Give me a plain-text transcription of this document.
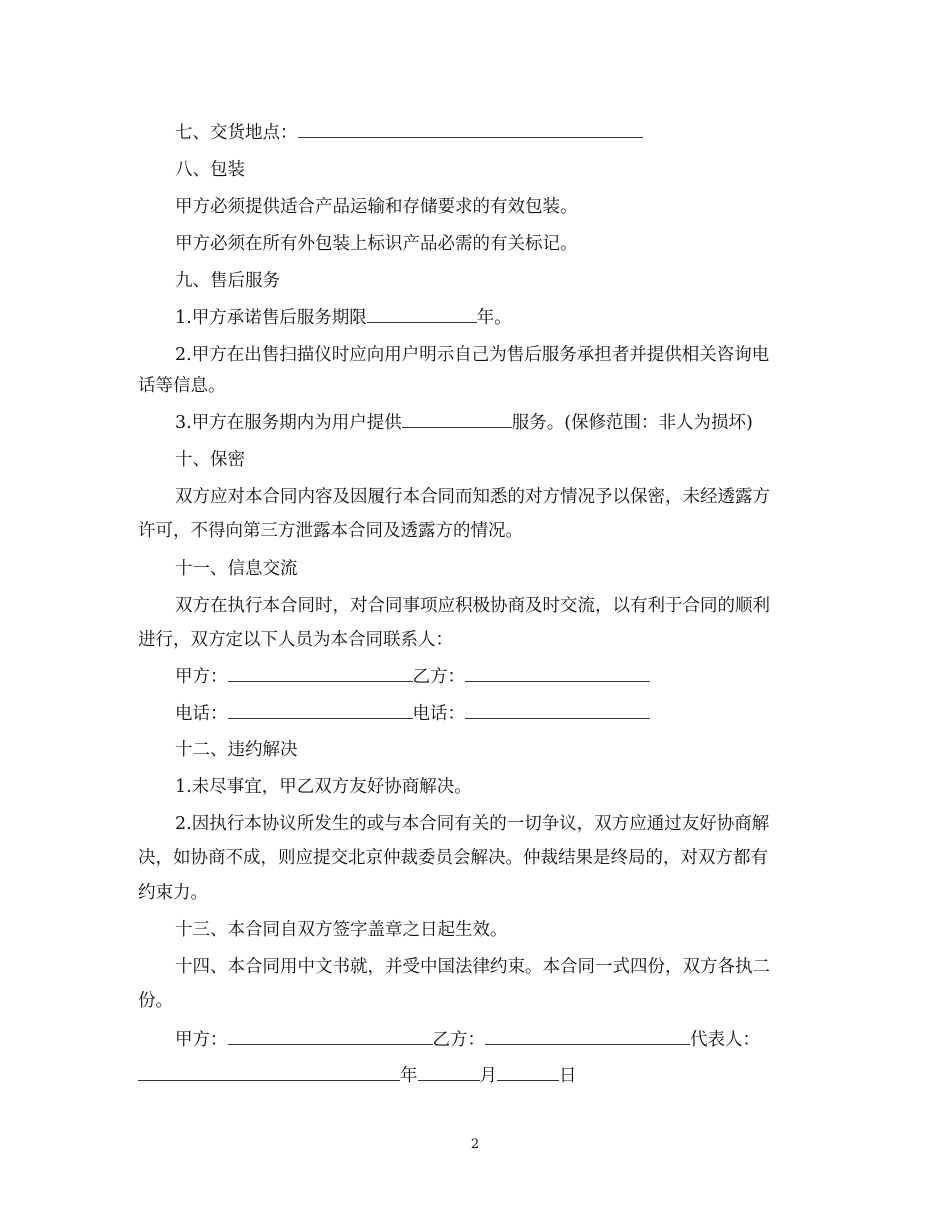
七、交货地点：
八、包装
甲方必须提供适合产品运输和存储要求的有效包装。
甲方必须在所有外包装上标识产品必需的有关标记。
九、售后服务
1.甲方承诺售后服务期限	年。
2.甲方在出售扫描仪时应向用户明示自己为售后服务承担者并提供相关咨询电
话等信息。
3.甲方在服务期内为用户提供	服务。(保修范围：非人为损坏)
十、保密
双方应对本合同内容及因履行本合同而知悉的对方情况予以保密，未经透露方
许可，不得向第三方泄露本合同及透露方的情况。
十一、信息交流
双方在执行本合同时，对合同事项应积极协商及时交流，以有利于合同的顺利
进行，双方定以下人员为本合同联系人：
甲方：	乙方：
电话：	电话：
十二、违约解决
1.未尽事宜，甲乙双方友好协商解决。
2.因执行本协议所发生的或与本合同有关的一切争议，双方应通过友好协商解
决，如协商不成，则应提交北京仲裁委员会解决。仲裁结果是终局的，对双方都有
约束力。
十三、本合同自双方签字盖章之日起生效。
十四、本合同用中文书就，并受中国法律约束。本合同一式四份，双方各执二
份。
甲方：	乙方：	代表人：
年	月	日
2
